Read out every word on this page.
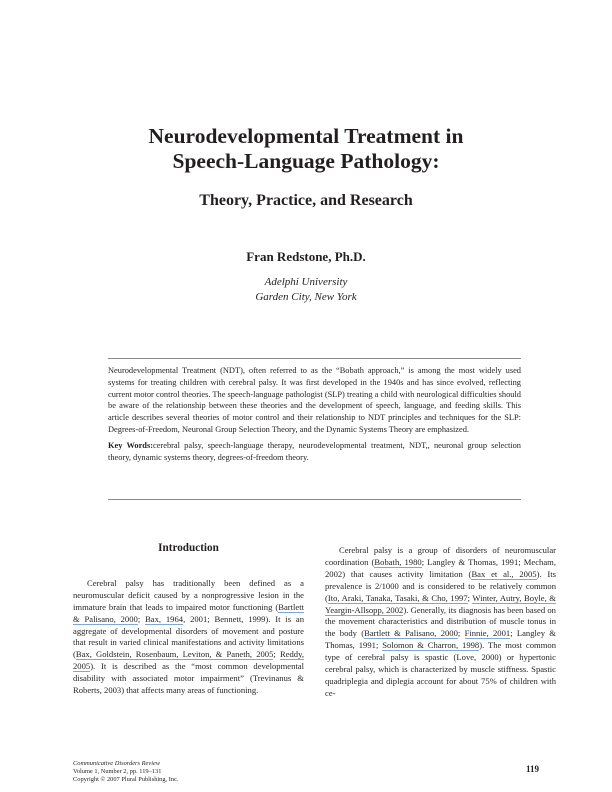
Neurodevelopmental Treatment in
Speech-Language Pathology:
Theory, Practice, and Research
Fran Redstone, Ph.D.
Adelphi University
Garden City, New York

Neurodevelopmental Treatment (NDT), often referred to as the “Bobath approach,” is among the most widely used systems for treating children with cerebral palsy. It was first developed in the 1940s and has since evolved, reflecting current motor control theories. The speech-language pathologist (SLP) treating a child with neurological difficulties should be aware of the relationship between these theories and the development of speech, language, and feeding skills. This article describes several theories of motor control and their relationship to NDT principles and techniques for the SLP: Degrees-of-Freedom, Neuronal Group Selection Theory, and the Dynamic Systems Theory are emphasized.

Key Words:cerebral palsy, speech-language therapy, neurodevelopmental treatment, NDT,, neuronal group selection theory, dynamic systems theory, degrees-of-freedom theory.

Introduction

Cerebral palsy has traditionally been defined as a neuromuscular deficit caused by a nonprogressive lesion in the immature brain that leads to impaired motor functioning (Bartlett & Palisano, 2000; Bax, 1964, 2001; Bennett, 1999). It is an aggregate of developmental disorders of movement and posture that result in varied clinical manifestations and activity limitations (Bax, Goldstein, Rosenbaum, Leviton, & Paneth, 2005; Reddy, 2005). It is described as the “most common developmental disability with associated motor impairment” (Trevinanus & Roberts, 2003) that affects many areas of functioning.

Cerebral palsy is a group of disorders of neuromuscular coordination (Bobath, 1980; Langley & Thomas, 1991; Mecham, 2002) that causes activity limitation (Bax et al., 2005). Its prevalence is 2/1000 and is considered to be relatively common (Ito, Araki, Tanaka, Tasaki, & Cho, 1997; Winter, Autry, Boyle, & Yeargin-Allsopp, 2002). Generally, its diagnosis has been based on the movement characteristics and distribution of muscle tonus in the body (Bartlett & Palisano, 2000; Finnie, 2001; Langley & Thomas, 1991; Solomon & Charron, 1998). The most common type of cerebral palsy is spastic (Love, 2000) or hypertonic cerebral palsy, which is characterized by muscle stiffness. Spastic quadriplegia and diplegia account for about 75% of children with ce-

Communicative Disorders Review
Volume 1, Number 2, pp. 119–131
Copyright © 2007 Plural Publishing, Inc.
119
